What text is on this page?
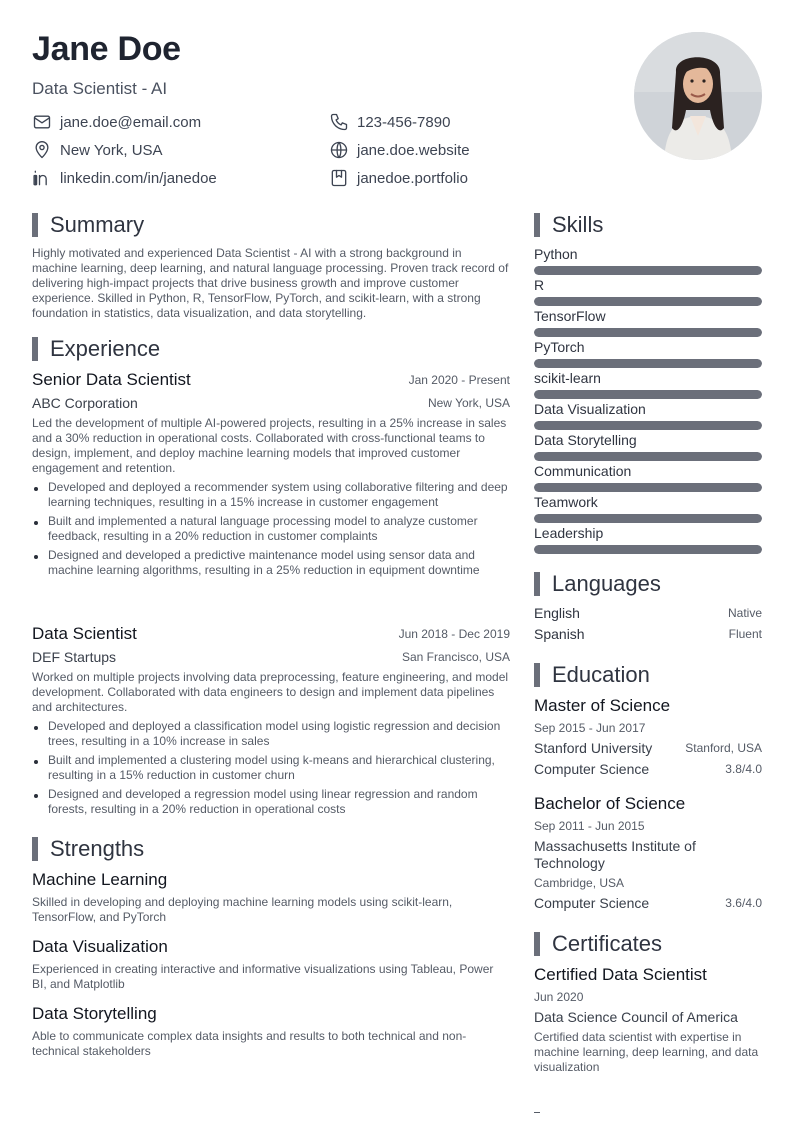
Jane Doe
Data Scientist - AI
jane.doe@email.com	123-456-7890
New York, USA	jane.doe.website
linkedin.com/in/janedoe	janedoe.portfolio
Summary
Highly motivated and experienced Data Scientist - AI with a strong background in machine learning, deep learning, and natural language processing. Proven track record of delivering high-impact projects that drive business growth and improve customer experience. Skilled in Python, R, TensorFlow, PyTorch, and scikit-learn, with a strong foundation in statistics, data visualization, and data storytelling.
Experience
Senior Data Scientist	Jan 2020 - Present
ABC Corporation	New York, USA
Led the development of multiple AI-powered projects, resulting in a 25% increase in sales and a 30% reduction in operational costs. Collaborated with cross-functional teams to design, implement, and deploy machine learning models that improved customer engagement and retention.
Developed and deployed a recommender system using collaborative filtering and deep learning techniques, resulting in a 15% increase in customer engagement
Built and implemented a natural language processing model to analyze customer feedback, resulting in a 20% reduction in customer complaints
Designed and developed a predictive maintenance model using sensor data and machine learning algorithms, resulting in a 25% reduction in equipment downtime
Data Scientist	Jun 2018 - Dec 2019
DEF Startups	San Francisco, USA
Worked on multiple projects involving data preprocessing, feature engineering, and model development. Collaborated with data engineers to design and implement data pipelines and architectures.
Developed and deployed a classification model using logistic regression and decision trees, resulting in a 10% increase in sales
Built and implemented a clustering model using k-means and hierarchical clustering, resulting in a 15% reduction in customer churn
Designed and developed a regression model using linear regression and random forests, resulting in a 20% reduction in operational costs
Strengths
Machine Learning
Skilled in developing and deploying machine learning models using scikit-learn, TensorFlow, and PyTorch
Data Visualization
Experienced in creating interactive and informative visualizations using Tableau, Power BI, and Matplotlib
Data Storytelling
Able to communicate complex data insights and results to both technical and non-technical stakeholders
Skills
Python
R
TensorFlow
PyTorch
scikit-learn
Data Visualization
Data Storytelling
Communication
Teamwork
Leadership
Languages
English	Native
Spanish	Fluent
Education
Master of Science
Sep 2015 - Jun 2017
Stanford University	Stanford, USA
Computer Science	3.8/4.0
Bachelor of Science
Sep 2011 - Jun 2015
Massachusetts Institute of Technology
Cambridge, USA
Computer Science	3.6/4.0
Certificates
Certified Data Scientist
Jun 2020
Data Science Council of America
Certified data scientist with expertise in machine learning, deep learning, and data visualization
